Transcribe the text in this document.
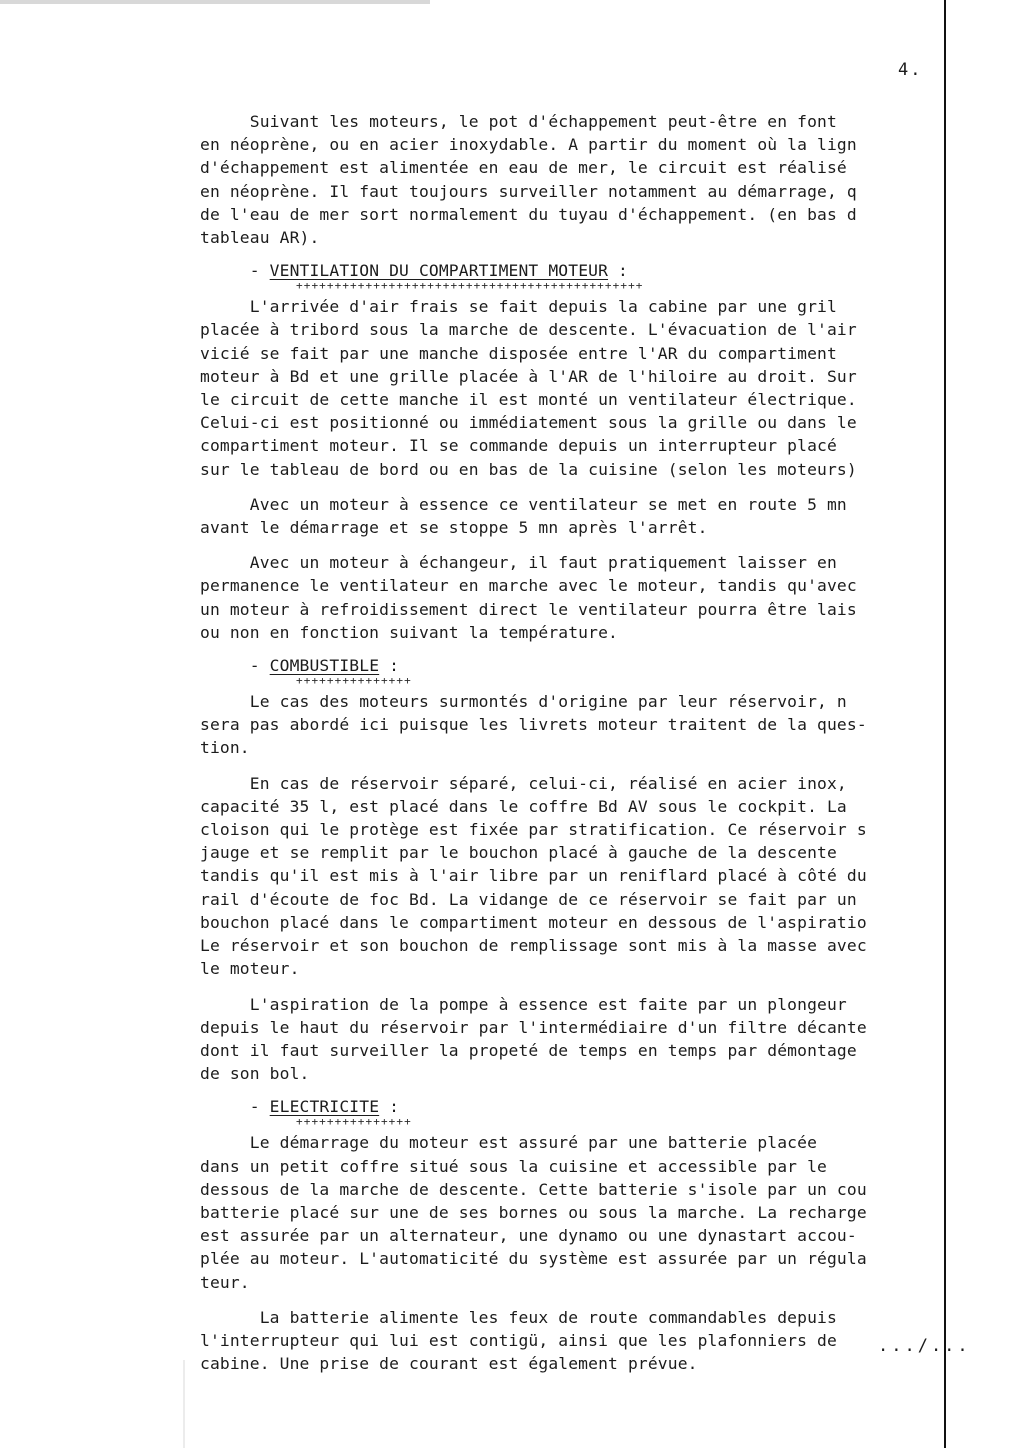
4.
Suivant les moteurs, le pot d'échappement peut-être en font
en néoprène, ou en acier inoxydable. A partir du moment où la lign
d'échappement est alimentée en eau de mer, le circuit est réalisé
en néoprène. Il faut toujours surveiller notamment au démarrage, q
de l'eau de mer sort normalement du tuyau d'échappement. (en bas d
tableau AR).
- VENTILATION DU COMPARTIMENT MOTEUR :
+++++++++++++++++++++++++++++++++++++++++++++
L'arrivée d'air frais se fait depuis la cabine par une gril
placée à tribord sous la marche de descente. L'évacuation de l'air
vicié se fait par une manche disposée entre l'AR du compartiment
moteur à Bd et une grille placée à l'AR de l'hiloire au droit. Sur
le circuit de cette manche il est monté un ventilateur électrique.
Celui-ci est positionné ou immédiatement sous la grille ou dans le
compartiment moteur. Il se commande depuis un interrupteur placé
sur le tableau de bord ou en bas de la cuisine (selon les moteurs)
Avec un moteur à essence ce ventilateur se met en route 5 mn
avant le démarrage et se stoppe 5 mn après l'arrêt.
Avec un moteur à échangeur, il faut pratiquement laisser en
permanence le ventilateur en marche avec le moteur, tandis qu'avec
un moteur à refroidissement direct le ventilateur pourra être lais
ou non en fonction suivant la température.
- COMBUSTIBLE :
+++++++++++++++
Le cas des moteurs surmontés d'origine par leur réservoir, n
sera pas abordé ici puisque les livrets moteur traitent de la ques-
tion.
En cas de réservoir séparé, celui-ci, réalisé en acier inox,
capacité 35 l, est placé dans le coffre Bd AV sous le cockpit. La
cloison qui le protège est fixée par stratification. Ce réservoir s
jauge et se remplit par le bouchon placé à gauche de la descente
tandis qu'il est mis à l'air libre par un reniflard placé à côté du
rail d'écoute de foc Bd. La vidange de ce réservoir se fait par un
bouchon placé dans le compartiment moteur en dessous de l'aspiratio
Le réservoir et son bouchon de remplissage sont mis à la masse avec
le moteur.
L'aspiration de la pompe à essence est faite par un plongeur
depuis le haut du réservoir par l'intermédiaire d'un filtre décante
dont il faut surveiller la propeté de temps en temps par démontage
de son bol.
- ELECTRICITE :
+++++++++++++++
Le démarrage du moteur est assuré par une batterie placée
dans un petit coffre situé sous la cuisine et accessible par le
dessous de la marche de descente. Cette batterie s'isole par un cou
batterie placé sur une de ses bornes ou sous la marche. La recharge
est assurée par un alternateur, une dynamo ou une dynastart accou-
plée au moteur. L'automaticité du système est assurée par un régula
teur.
La batterie alimente les feux de route commandables depuis
l'interrupteur qui lui est contigü, ainsi que les plafonniers de
cabine. Une prise de courant est également prévue.
.../...
